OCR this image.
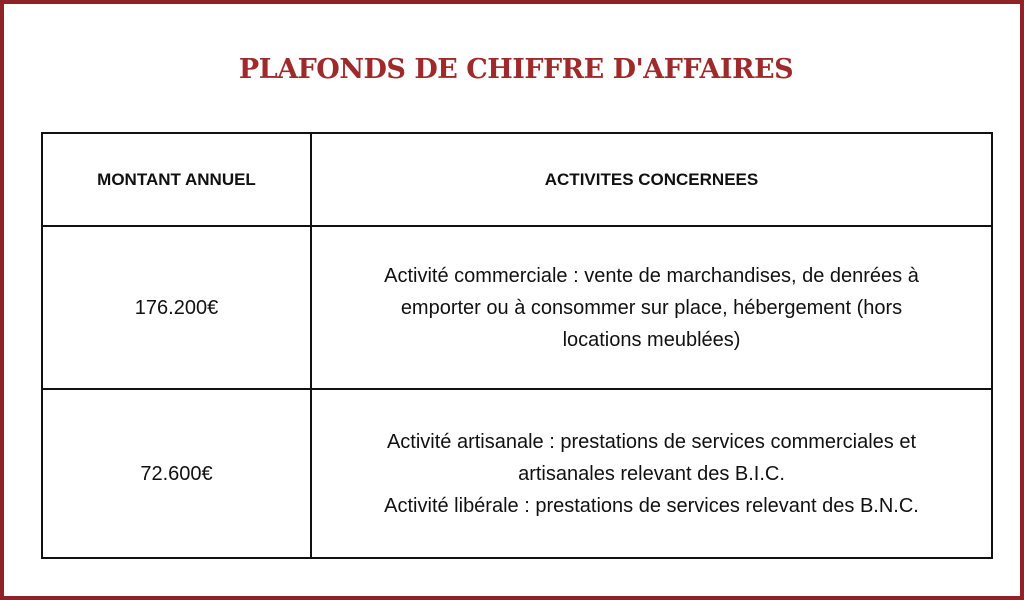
PLAFONDS DE CHIFFRE D'AFFAIRES
MONTANT ANNUEL	ACTIVITES CONCERNEES
176.200€	Activité commerciale : vente de marchandises, de denrées à
emporter ou à consommer sur place, hébergement (hors
locations meublées)

72.600€	Activité artisanale : prestations de services commerciales et
artisanales relevant des B.I.C.
Activité libérale : prestations de services relevant des B.N.C.
